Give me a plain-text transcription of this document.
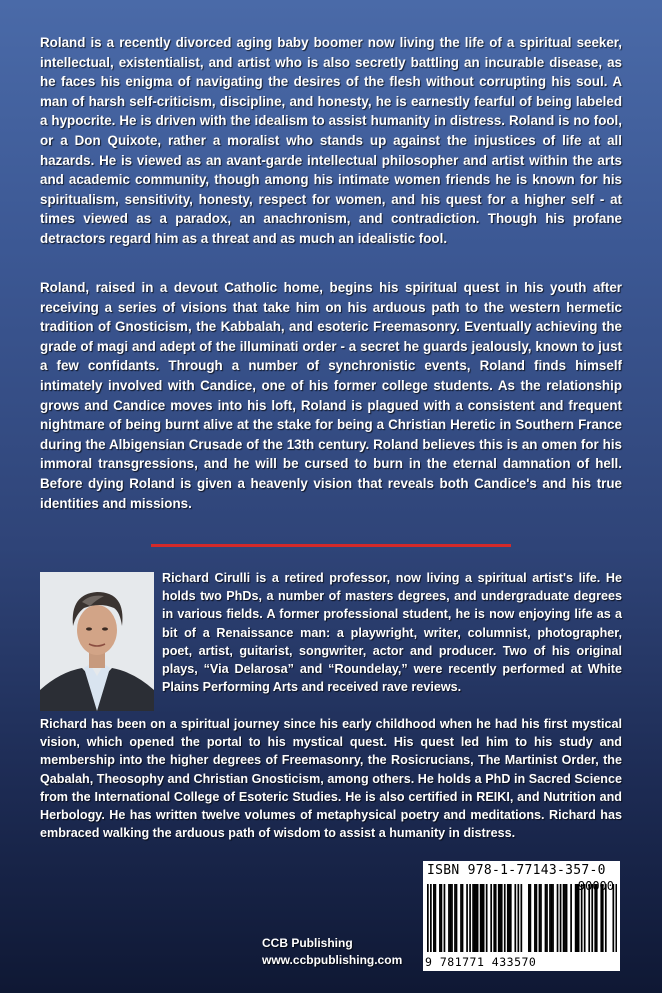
Roland is a recently divorced aging baby boomer now living the life of a spiritual seeker, intellectual, existentialist, and artist who is also secretly battling an incurable disease, as he faces his enigma of navigating the desires of the flesh without corrupting his soul. A man of harsh self-criticism, discipline, and honesty, he is earnestly fearful of being labeled a hypocrite. He is driven with the idealism to assist humanity in distress. Roland is no fool, or a Don Quixote, rather a moralist who stands up against the injustices of life at all hazards. He is viewed as an avant-garde intellectual philosopher and artist within the arts and academic community, though among his intimate women friends he is known for his spiritualism, sensitivity, honesty, respect for women, and his quest for a higher self - at times viewed as a paradox, an anachronism, and contradiction. Though his profane detractors regard him as a threat and as much an idealistic fool.
Roland, raised in a devout Catholic home, begins his spiritual quest in his youth after receiving a series of visions that take him on his arduous path to the western hermetic tradition of Gnosticism, the Kabbalah, and esoteric Freemasonry. Eventually achieving the grade of magi and adept of the illuminati order - a secret he guards jealously, known to just a few confidants. Through a number of synchronistic events, Roland finds himself intimately involved with Candice, one of his former college students. As the relationship grows and Candice moves into his loft, Roland is plagued with a consistent and frequent nightmare of being burnt alive at the stake for being a Christian Heretic in Southern France during the Albigensian Crusade of the 13th century. Roland believes this is an omen for his immoral transgressions, and he will be cursed to burn in the eternal damnation of hell. Before dying Roland is given a heavenly vision that reveals both Candice's and his true identities and missions.
Richard Cirulli is a retired professor, now living a spiritual artist's life. He holds two PhDs, a number of masters degrees, and undergraduate degrees in various fields. A former professional student, he is now enjoying life as a bit of a Renaissance man: a playwright, writer, columnist, photographer, poet, artist, guitarist, songwriter, actor and producer. Two of his original plays, “Via Delarosa” and “Roundelay,” were recently performed at White Plains Performing Arts and received rave reviews.
Richard has been on a spiritual journey since his early childhood when he had his first mystical vision, which opened the portal to his mystical quest. His quest led him to his study and membership into the higher degrees of Freemasonry, the Rosicrucians, The Martinist Order, the Qabalah, Theosophy and Christian Gnosticism, among others. He holds a PhD in Sacred Science from the International College of Esoteric Studies. He is also certified in REIKI, and Nutrition and Herbology. He has written twelve volumes of metaphysical poetry and meditations. Richard has embraced walking the arduous path of wisdom to assist a humanity in distress.
ISBN 978-1-77143-357-0
9 781771 433570
CCB Publishing
www.ccbpublishing.com
